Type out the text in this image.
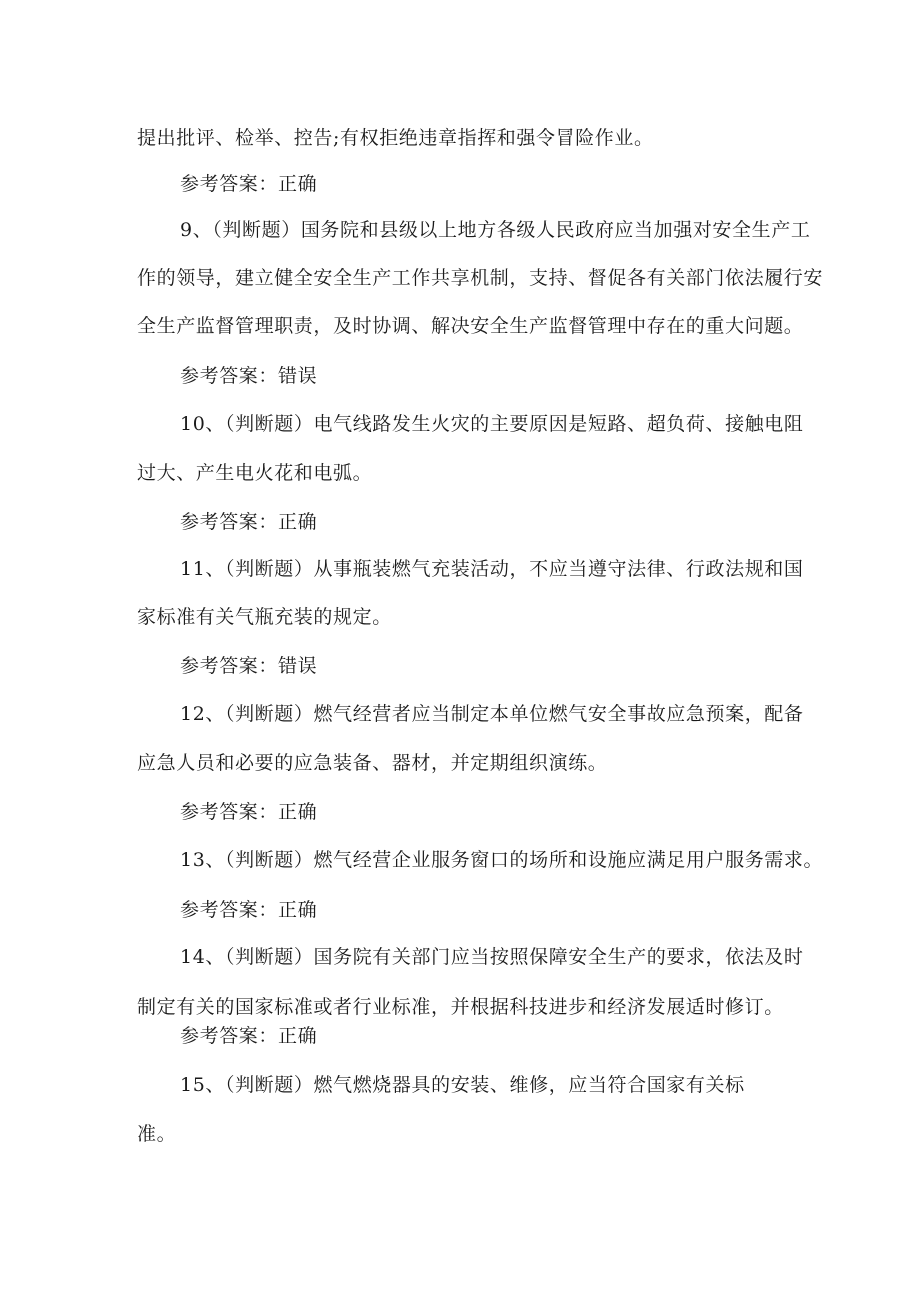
提出批评、检举、控告;有权拒绝违章指挥和强令冒险作业。
参考答案：正确
9、（判断题）国务院和县级以上地方各级人民政府应当加强对安全生产工
作的领导，建立健全安全生产工作共享机制，支持、督促各有关部门依法履行安
全生产监督管理职责，及时协调、解决安全生产监督管理中存在的重大问题。
参考答案：错误
10、（判断题）电气线路发生火灾的主要原因是短路、超负荷、接触电阻
过大、产生电火花和电弧。
参考答案：正确
11、（判断题）从事瓶装燃气充装活动，不应当遵守法律、行政法规和国
家标准有关气瓶充装的规定。
参考答案：错误
12、（判断题）燃气经营者应当制定本单位燃气安全事故应急预案，配备
应急人员和必要的应急装备、器材，并定期组织演练。
参考答案：正确
13、（判断题）燃气经营企业服务窗口的场所和设施应满足用户服务需求。
参考答案：正确
14、（判断题）国务院有关部门应当按照保障安全生产的要求，依法及时
制定有关的国家标准或者行业标准，并根据科技进步和经济发展适时修订。
参考答案：正确
15、（判断题）燃气燃烧器具的安装、维修，应当符合国家有关标
准。
